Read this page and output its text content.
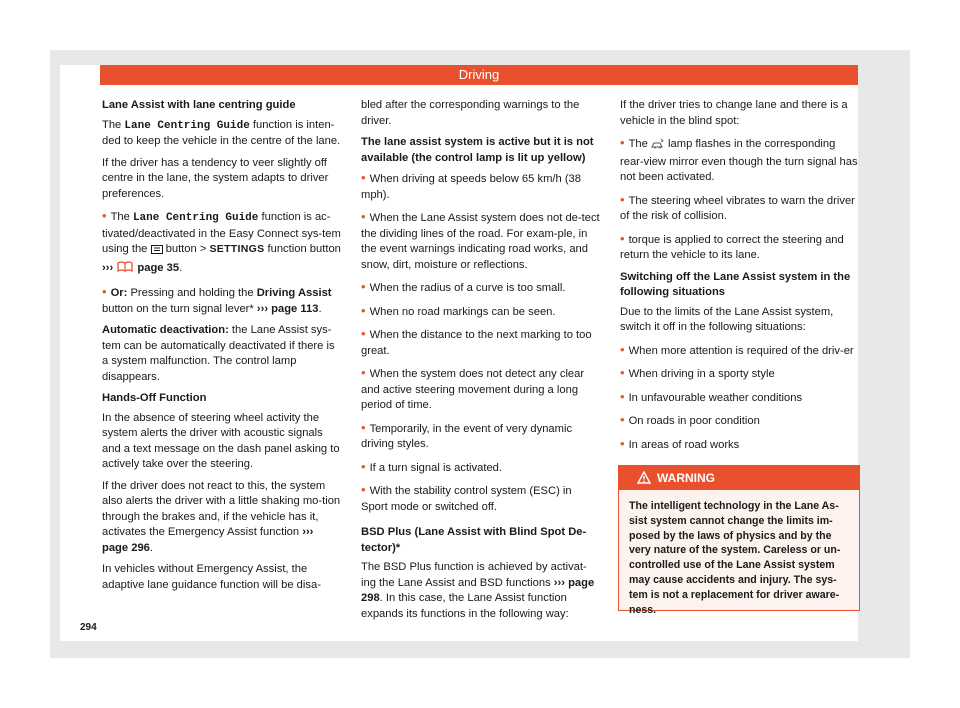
Driving

Lane Assist with lane centring guide

The Lane Centring Guide function is inten-ded to keep the vehicle in the centre of the lane.

If the driver has a tendency to veer slightly off centre in the lane, the system adapts to driver preferences.

• The Lane Centring Guide function is ac-tivated/deactivated in the Easy Connect sys-tem using the  button > SETTINGS function button ››› page 35.

• Or: Pressing and holding the Driving Assist button on the turn signal lever* ››› page 113.

Automatic deactivation: the Lane Assist sys-tem can be automatically deactivated if there is a system malfunction. The control lamp disappears.

Hands-Off Function

In the absence of steering wheel activity the system alerts the driver with acoustic signals and a text message on the dash panel asking to actively take over the steering.

If the driver does not react to this, the system also alerts the driver with a little shaking mo-tion through the brakes and, if the vehicle has it, activates the Emergency Assist function ››› page 296.

In vehicles without Emergency Assist, the adaptive lane guidance function will be disa-

bled after the corresponding warnings to the driver.

The lane assist system is active but it is not available (the control lamp is lit up yellow)

• When driving at speeds below 65 km/h (38 mph).

• When the Lane Assist system does not de-tect the dividing lines of the road. For exam-ple, in the event warnings indicating road works, and snow, dirt, moisture or reflections.

• When the radius of a curve is too small.

• When no road markings can be seen.

• When the distance to the next marking to too great.

• When the system does not detect any clear and active steering movement during a long period of time.

• Temporarily, in the event of very dynamic driving styles.

• If a turn signal is activated.

• With the stability control system (ESC) in Sport mode or switched off.

BSD Plus (Lane Assist with Blind Spot De-tector)*

The BSD Plus function is achieved by activat-ing the Lane Assist and BSD functions ››› page 298. In this case, the Lane Assist function expands its functions in the following way:

If the driver tries to change lane and there is a vehicle in the blind spot:

• The  lamp flashes in the corresponding rear-view mirror even though the turn signal has not been activated.

• The steering wheel vibrates to warn the driver of the risk of collision.

• torque is applied to correct the steering and return the vehicle to its lane.

Switching off the Lane Assist system in the following situations

Due to the limits of the Lane Assist system, switch it off in the following situations:

• When more attention is required of the driv-er

• When driving in a sporty style

• In unfavourable weather conditions

• On roads in poor condition

• In areas of road works

WARNING
The intelligent technology in the Lane As-sist system cannot change the limits im-posed by the laws of physics and by the very nature of the system. Careless or un-controlled use of the Lane Assist system may cause accidents and injury. The sys-tem is not a replacement for driver aware-ness.
294
